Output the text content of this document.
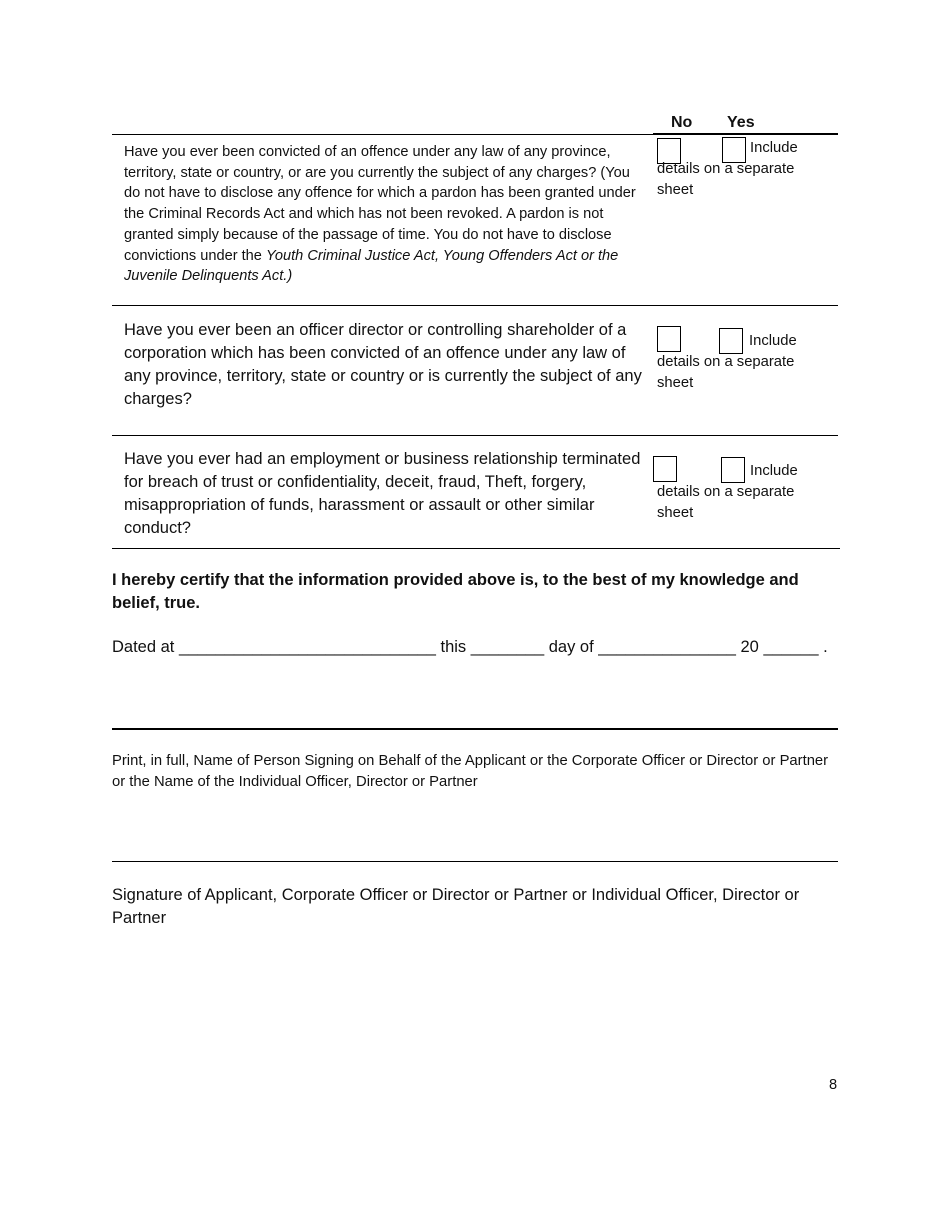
No Yes
Have you ever been convicted of an offence under any law of any province, territory, state or country, or are you currently the subject of any charges? (You do not have to disclose any offence for which a pardon has been granted under the Criminal Records Act and which has not been revoked. A pardon is not granted simply because of the passage of time. You do not have to disclose convictions under the Youth Criminal Justice Act, Young Offenders Act or the Juvenile Delinquents Act.)
Include
details on a separate sheet
Have you ever been an officer director or controlling shareholder of a corporation which has been convicted of an offence under any law of any province, territory, state or country or is currently the subject of any charges?
Include
details on a separate sheet
Have you ever had an employment or business relationship terminated for breach of trust or confidentiality, deceit, fraud, Theft, forgery, misappropriation of funds, harassment or assault or other similar conduct?
Include
details on a separate sheet
I hereby certify that the information provided above is, to the best of my knowledge and belief, true.
Dated at ____________________________ this ________ day of _______________ 20 ______ .
Print, in full, Name of Person Signing on Behalf of the Applicant or the Corporate Officer or Director or Partner or the Name of the Individual Officer, Director or Partner
Signature of Applicant, Corporate Officer or Director or Partner or Individual Officer, Director or Partner
8
